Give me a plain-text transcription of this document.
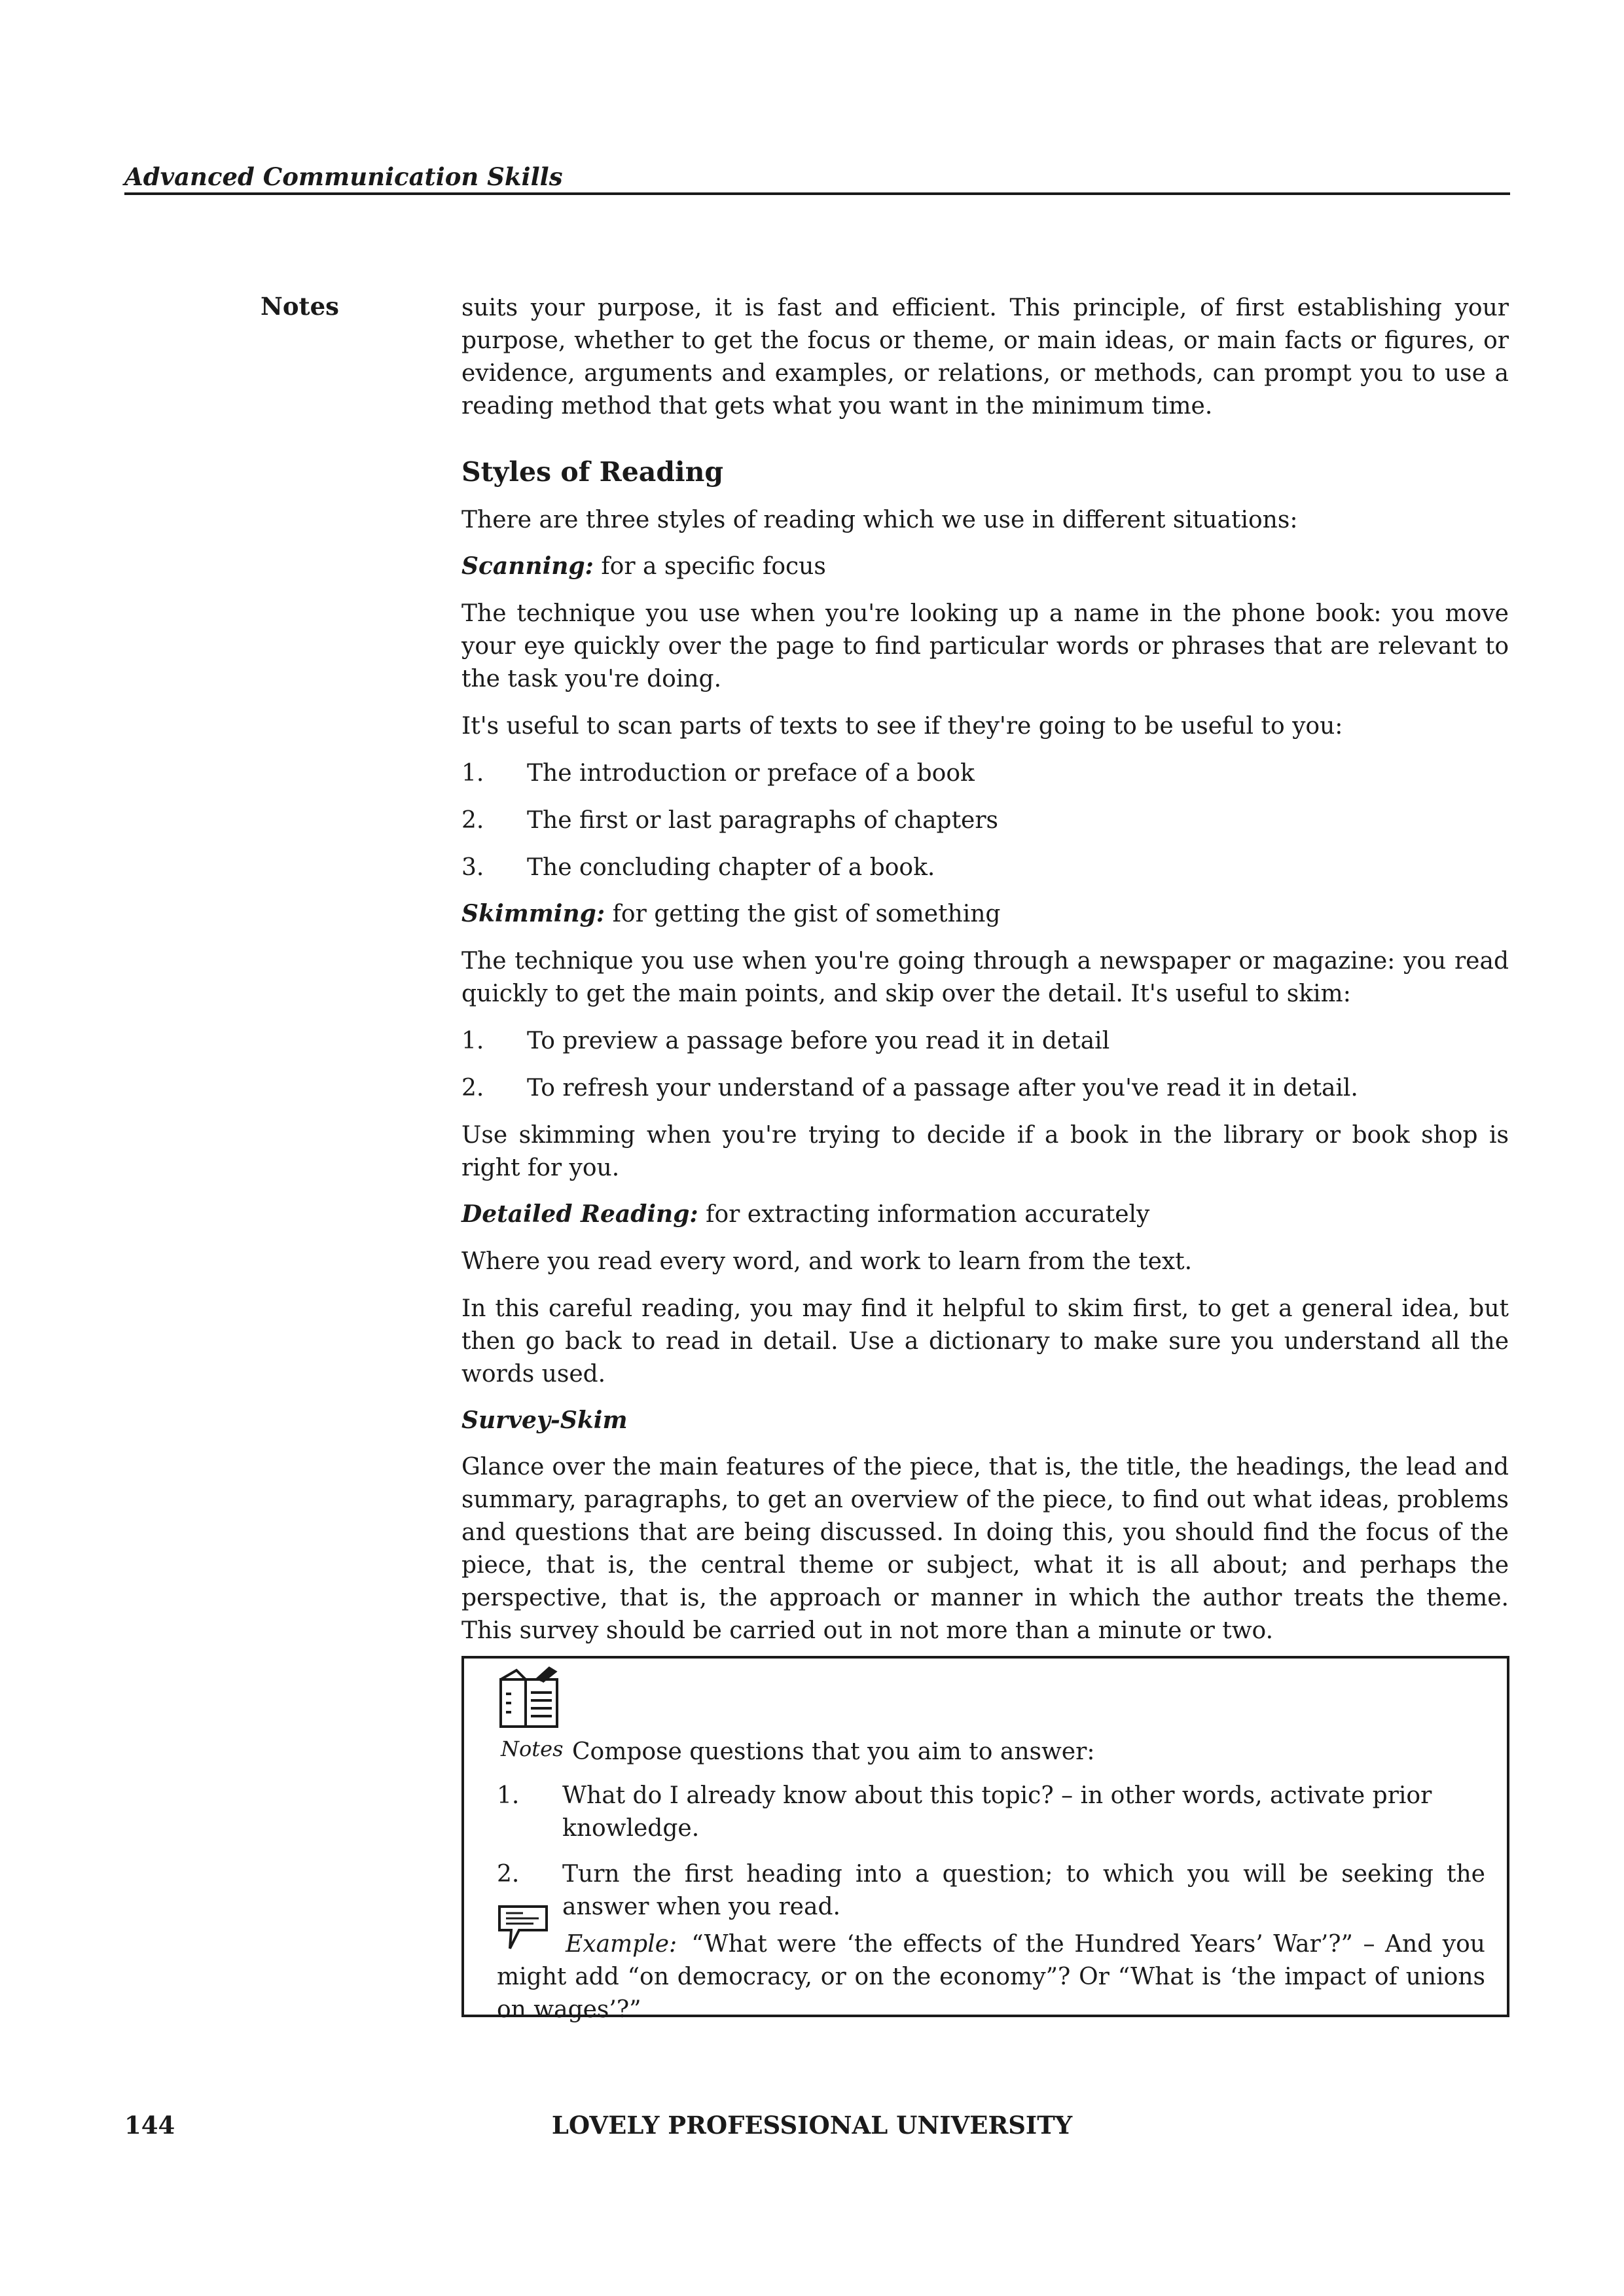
Advanced Communication Skills
Notes	suits your purpose, it is fast and efficient. This principle, of first establishing your purpose, whether to get the focus or theme, or main ideas, or main facts or figures, or evidence, arguments and examples, or relations, or methods, can prompt you to use a reading method that gets what you want in the minimum time.

Styles of Reading

There are three styles of reading which we use in different situations:

Scanning: for a specific focus

The technique you use when you're looking up a name in the phone book: you move your eye quickly over the page to find particular words or phrases that are relevant to the task you're doing.

It's useful to scan parts of texts to see if they're going to be useful to you:

1.	The introduction or preface of a book
2.	The first or last paragraphs of chapters
3.	The concluding chapter of a book.

Skimming: for getting the gist of something

The technique you use when you're going through a newspaper or magazine: you read quickly to get the main points, and skip over the detail. It's useful to skim:

1.	To preview a passage before you read it in detail
2.	To refresh your understand of a passage after you've read it in detail.

Use skimming when you're trying to decide if a book in the library or book shop is right for you.

Detailed Reading: for extracting information accurately

Where you read every word, and work to learn from the text.

In this careful reading, you may find it helpful to skim first, to get a general idea, but then go back to read in detail. Use a dictionary to make sure you understand all the words used.

Survey-Skim

Glance over the main features of the piece, that is, the title, the headings, the lead and summary, paragraphs, to get an overview of the piece, to find out what ideas, problems and questions that are being discussed. In doing this, you should find the focus of the piece, that is, the central theme or subject, what it is all about; and perhaps the perspective, that is, the approach or manner in which the author treats the theme. This survey should be carried out in not more than a minute or two.

Notes Compose questions that you aim to answer:
1.	What do I already know about this topic? – in other words, activate prior knowledge.
2.	Turn the first heading into a question; to which you will be seeking the answer when you read.

Example: “What were ‘the effects of the Hundred Years’ War’?” – And you might add “on democracy, or on the economy”? Or “What is ‘the impact of unions on wages’?”

144	LOVELY PROFESSIONAL UNIVERSITY
